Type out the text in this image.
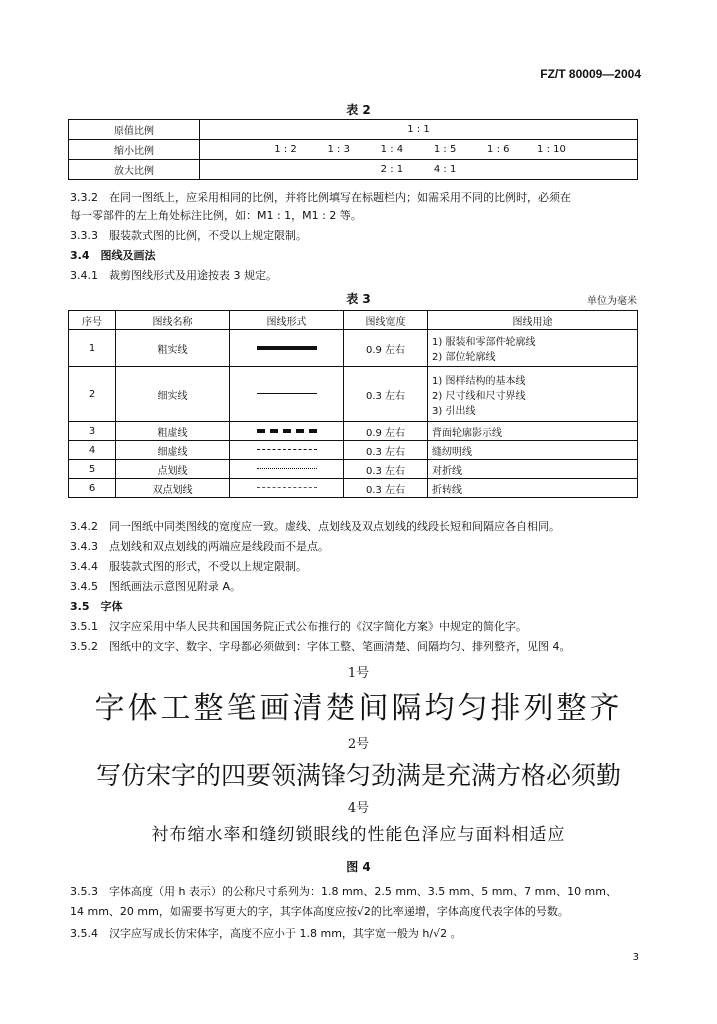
FZ/T 80009—2004
表 2
原值比例	1 : 1
缩小比例	1 : 2 1 : 3 1 : 4 1 : 5 1 : 6 1 : 10
放大比例	2 : 1 4 : 1
3.3.2　在同一图纸上，应采用相同的比例，并将比例填写在标题栏内；如需采用不同的比例时，必须在
每一零部件的左上角处标注比例，如：M1 : 1，M1 : 2 等。
3.3.3　服装款式图的比例，不受以上规定限制。
3.4　图线及画法
3.4.1　裁剪图线形式及用途按表 3 规定。
表 3	单位为毫米
序号	图线名称	图线形式	图线宽度	图线用途
1	粗实线		0.9 左右	1) 服装和零部件轮廓线
2) 部位轮廓线

2	细实线		0.3 左右	1) 图样结构的基本线
2) 尺寸线和尺寸界线
3) 引出线

3	粗虚线		0.9 左右	背面轮廓影示线

4	细虚线		0.3 左右	缝纫明线

5	点划线		0.3 左右	对折线

6	双点划线		0.3 左右	折转线
3.4.2　同一图纸中同类图线的宽度应一致。虚线、点划线及双点划线的线段长短和间隔应各自相同。
3.4.3　点划线和双点划线的两端应是线段而不是点。
3.4.4　服装款式图的形式，不受以上规定限制。
3.4.5　图纸画法示意图见附录 A。
3.5　字体
3.5.1　汉字应采用中华人民共和国国务院正式公布推行的《汉字简化方案》中规定的简化字。
3.5.2　图纸中的文字、数字、字母都必须做到：字体工整、笔画清楚、间隔均匀、排列整齐，见图 4。
1号
字体工整笔画清楚间隔均匀排列整齐
2号
写仿宋字的四要领满锋匀劲满是充满方格必须勤
4号
衬布缩水率和缝纫锁眼线的性能色泽应与面料相适应
图 4
3.5.3　字体高度（用 h 表示）的公称尺寸系列为：1.8 mm、2.5 mm、3.5 mm、5 mm、7 mm、10 mm、
14 mm、20 mm，如需要书写更大的字，其字体高度应按√2的比率递增，字体高度代表字体的号数。
3.5.4　汉字应写成长仿宋体字，高度不应小于 1.8 mm，其字宽一般为 h/√2 。
3
